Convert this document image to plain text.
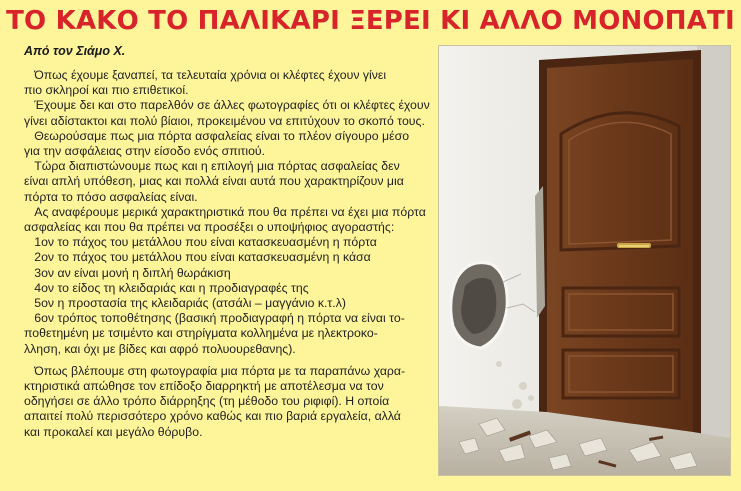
ΤΟ ΚΑΚΟ ΤΟ ΠΑΛΙΚΑΡΙ ΞΕΡΕΙ ΚΙ ΑΛΛΟ ΜΟΝΟΠΑΤΙ
Από τον Σιάμο Χ.
Όπως έχουμε ξαναπεί, τα τελευταία χρόνια οι κλέφτες έχουν γίνει
πιο σκληροί και πιο επιθετικοί.
Έχουμε δει και στο παρελθόν σε άλλες φωτογραφίες ότι οι κλέφτες έχουν
γίνει αδίστακτοι και πολύ βίαιοι, προκειμένου να επιτύχουν το σκοπό τους.
Θεωρούσαμε πως μια πόρτα ασφαλείας είναι το πλέον σίγουρο μέσο
για την ασφάλειας στην είσοδο ενός σπιτιού.
Τώρα διαπιστώνουμε πως και η επιλογή μια πόρτας ασφαλείας δεν
είναι απλή υπόθεση, μιας και πολλά είναι αυτά που χαρακτηρίζουν μια
πόρτα το πόσο ασφαλείας είναι.
Ας αναφέρουμε μερικά χαρακτηριστικά που θα πρέπει να έχει μια πόρτα
ασφαλείας και που θα πρέπει να προσέξει ο υποψήφιος αγοραστής:
1ον το πάχος του μετάλλου που είναι κατασκευασμένη η πόρτα
2ον το πάχος του μετάλλου που είναι κατασκευασμένη η κάσα
3ον αν είναι μονή η διπλή θωράκιση
4ον το είδος τη κλειδαριάς και η προδιαγραφές της
5ον η προστασία της κλειδαριάς (ατσάλι – μαγγάνιο κ.τ.λ)
6ον τρόπος τοποθέτησης (βασική προδιαγραφή η πόρτα να είναι το-
ποθετημένη με τσιμέντο και στηρίγματα κολλημένα με ηλεκτροκο-
λληση, και όχι με βίδες και αφρό πολυουρεθανης).
Όπως βλέπουμε στη φωτογραφία μια πόρτα με τα παραπάνω χαρα-
κτηριστικά απώθησε τον επίδοξο διαρρηκτή με αποτέλεσμα να τον
οδηγήσει σε άλλο τρόπο διάρρηξης (τη μέθοδο του ριφιφί). Η οποία
απαιτεί πολύ περισσότερο χρόνο καθώς και πιο βαριά εργαλεία, αλλά
και προκαλεί και μεγάλο θόρυβο.
